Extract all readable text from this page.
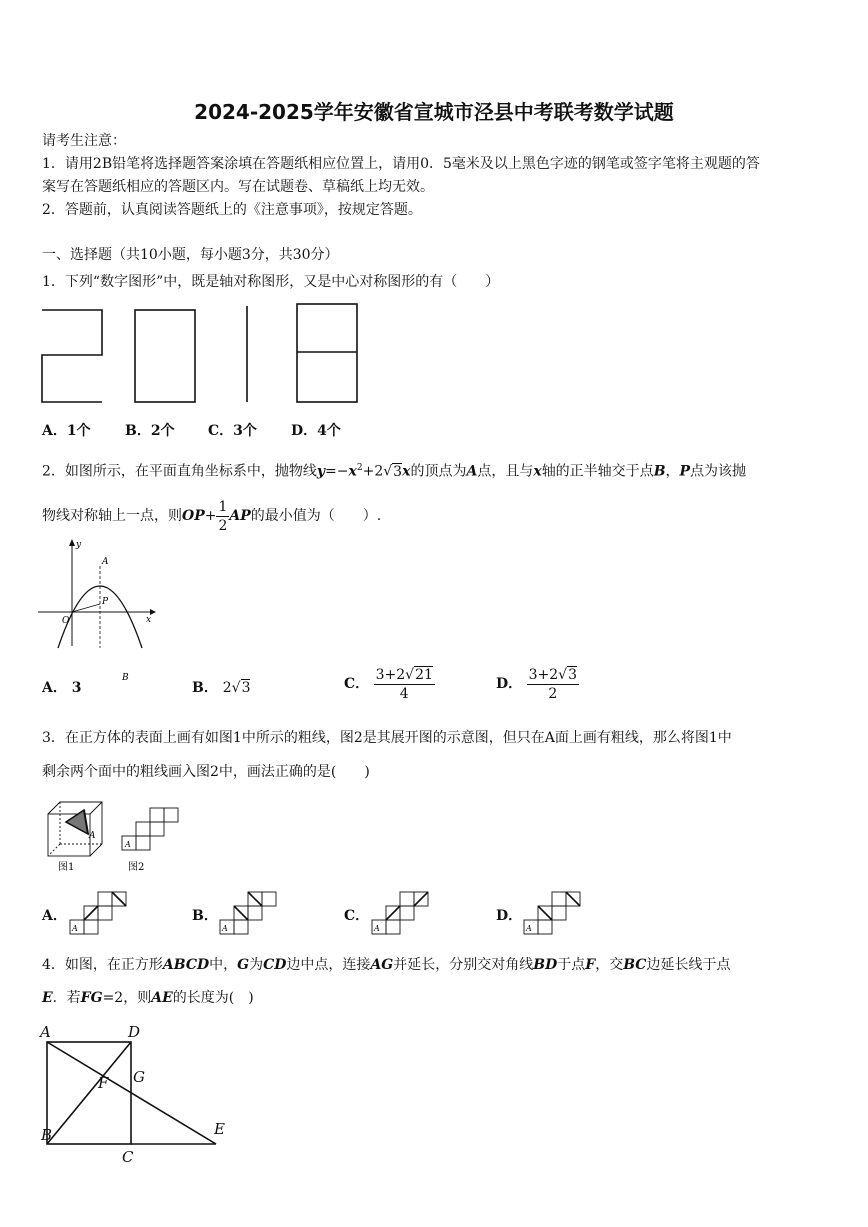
2024-2025学年安徽省宣城市泾县中考联考数学试题
请考生注意：
1．请用2B铅笔将选择题答案涂填在答题纸相应位置上，请用0．5毫米及以上黑色字迹的钢笔或签字笔将主观题的答
案写在答题纸相应的答题区内。写在试题卷、草稿纸上均无效。
2．答题前，认真阅读答题纸上的《注意事项》，按规定答题。
一、选择题（共10小题，每小题3分，共30分）
1．下列“数字图形”中，既是轴对称图形，又是中心对称图形的有（　　）
A．1个 B．2个 C．3个 D．4个
2．如图所示，在平面直角坐标系中，抛物线$y=-x^2+2√3x$的顶点为A点，且与x轴的正半轴交于点B，P点为该抛
物线对称轴上一点，则$OP+ \frac{1}{2}$ AP的最小值为（　　）.
y
A
P
O
B
x
A． 3	B． 2√3	C． $\frac{3+2√21}{4}$	D． $\frac{3+2√3}{2}$
3．在正方体的表面上画有如图1中所示的粗线，图2是其展开图的示意图，但只在A面上画有粗线，那么将图1中
剩余两个面中的粗线画入图2中，画法正确的是(　　)
A
图1
A
图2
A．
A
B．
A
C．
A
D．
A
4．如图，在正方形ABCD中，G为CD边中点，连接AG并延长，分别交对角线BD于点F，交BC边延长线于点
E．若FG=2，则AE的长度为(　)
A	D
G
F
B
C
E
